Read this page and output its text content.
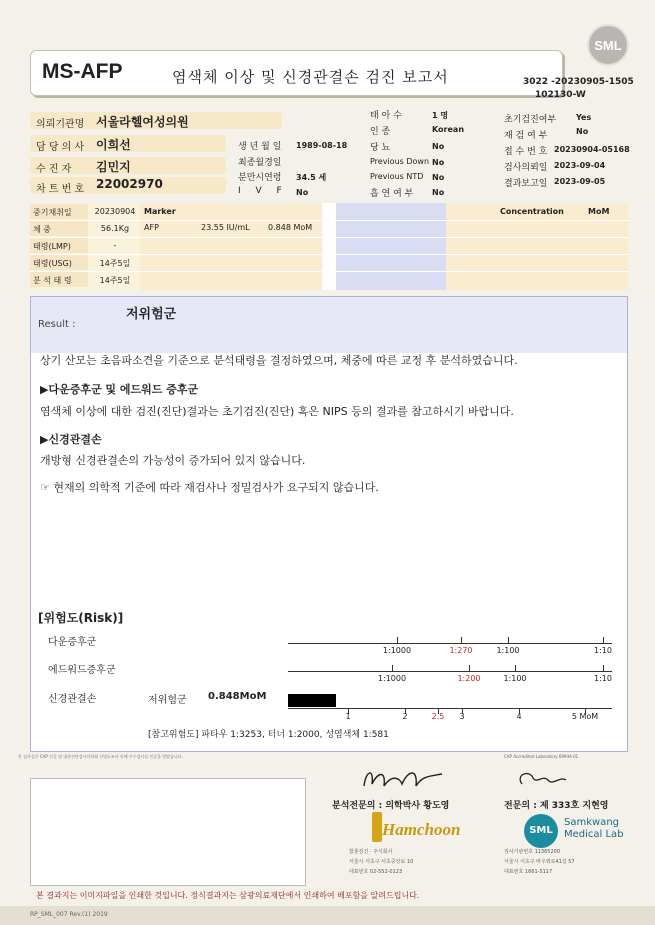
MS-AFP	염색체 이상 및 신경관결손 검진 보고서
SML
3022 -20230905-1505
102130-W
의뢰기관명 서울라헬여성의원
담 당 의 사 이희선
수 진 자 김민지
차 트 번 호 22002970
생 년 월 일 1989-08-18
최종월경일
분만시연령 34.5 세
I V F No
태 아 수	1 명
인 종	Korean
당 뇨	No
Previous Down No
Previous NTD No
흡 연 여 부 No
초기검진여부 Yes
재 검 여 부	No
접 수 번 호 20230904-05168
검사의뢰일 2023-09-04
결과보고일 2023-09-05
중기채취일	20230904
체 중	56.1Kg
태령(LMP)	-
태령(USG)	14주5일
분 석 태 령	14주5일
Marker
AFP	23.55 IU/mL 0.848 MoM
Concentration	MoM
Result :
저위험군
상기 산모는 초음파소견을 기준으로 분석태령을 결정하였으며, 체중에 따른 교정 후 분석하였습니다.
▶다운증후군 및 에드워드 증후군
염색체 이상에 대한 검진(진단)결과는 초기검진(진단) 혹은 NIPS 등의 결과를 참고하시기 바랍니다.
▶신경관결손
개방형 신경관결손의 가능성이 증가되어 있지 않습니다.
☞ 현재의 의학적 기준에 따라 재검사나 정밀검사가 요구되지 않습니다.
[위험도(Risk)]
다운증후군
에드워드증후군
신경관결손	저위험군 0.848MoM
1:1000	1:270	1:100	1:10
1:1000	1:200	1:100	1:10
1	2	2.5	3	4	5 MoM
[참고위험도] 파타우 1:3253, 터너 1:2000, 성염색체 1:581
본 검사실은 CAP 인증 및 대한진단검사의학회 신빙도조사 등에 우수검사실 인증을 받았습니다.	CAP Accredited Laboratory 6994A-01
분석전문의 : 의학박사 황도영	전문의 : 제 333호 지현영
Hamchoon	SML
Samkwang
Medical Lab
함춘검진 · 주식회사
서울시 서초구 서초중앙로 10
대표번호 02-552-0123
검사기관번호 11365200
서울시 서초구 바우뫼로41길 57
대표번호 1661-5117
본 결과지는 이미지파일을 인쇄한 것입니다. 정식결과지는 삼광의료재단에서 인쇄하여 배포함을 알려드립니다.
RP_SML_007 Rev.(1) 2019
